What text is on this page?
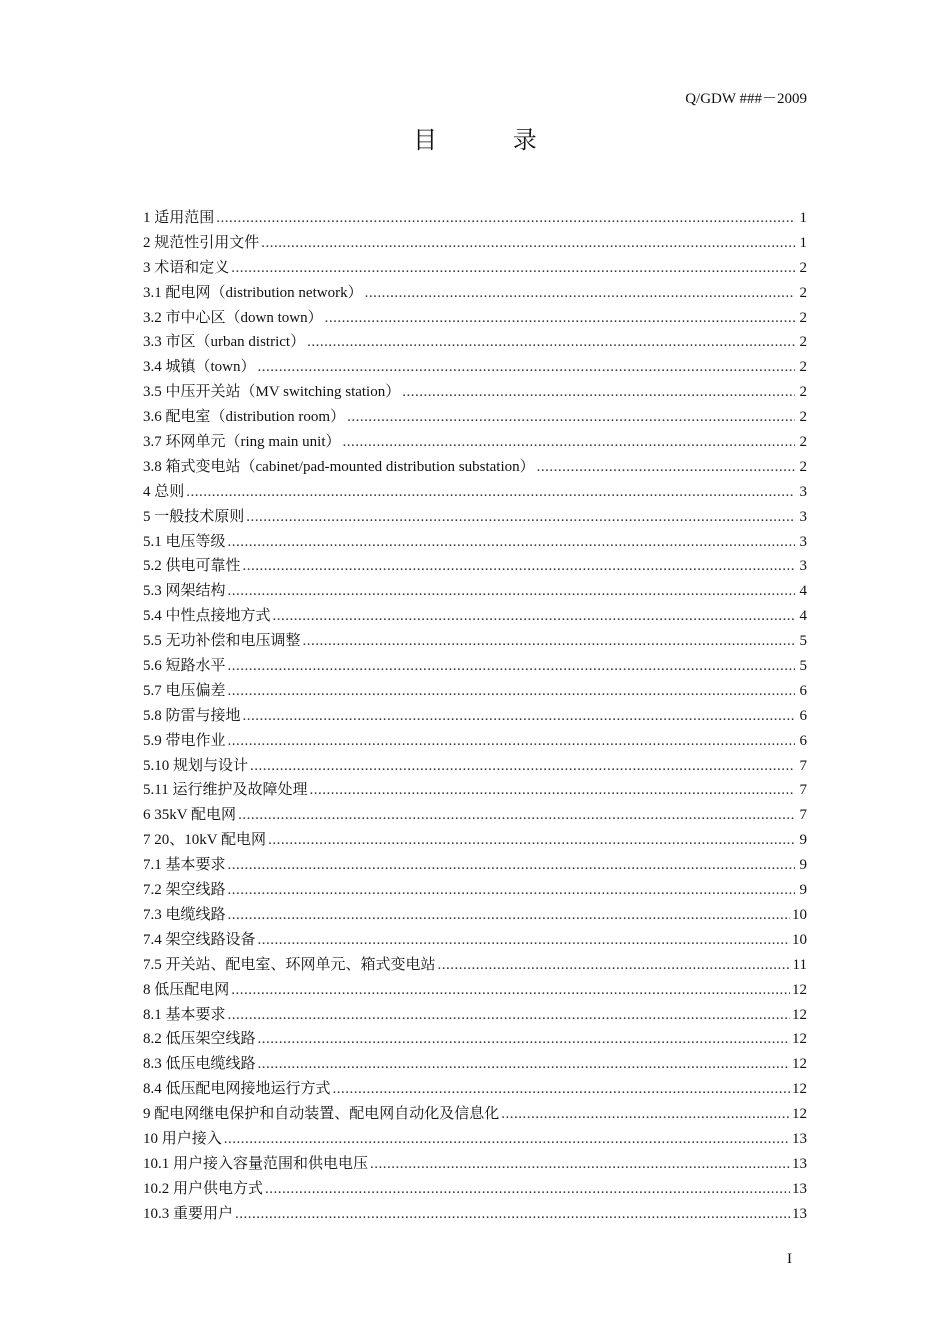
Q/GDW ###－2009
目 录
1 适用范围 .....	1
2 规范性引用文件 .....	1
3 术语和定义 .....	2
3.1 配电网（distribution network） .....	2
3.2 市中心区（down town） .....	2
3.3 市区（urban district） .....	2
3.4 城镇（town） .....	2
3.5 中压开关站（MV switching station） .....	2
3.6 配电室（distribution room） .....	2
3.7 环网单元（ring main unit） .....	2
3.8 箱式变电站（cabinet/pad-mounted distribution substation） .....	2
4 总则 .....	3
5 一般技术原则 .....	3
5.1 电压等级 .....	3
5.2 供电可靠性 .....	3
5.3 网架结构 .....	4
5.4 中性点接地方式 .....	4
5.5 无功补偿和电压调整 .....	5
5.6 短路水平 .....	5
5.7 电压偏差 .....	6
5.8 防雷与接地 .....	6
5.9 带电作业 .....	6
5.10 规划与设计 .....	7
5.11 运行维护及故障处理 .....	7
6 35kV 配电网 .....	7
7 20、10kV 配电网 .....	9
7.1 基本要求 .....	9
7.2 架空线路 .....	9
7.3 电缆线路 .....	10
7.4 架空线路设备 .....	10
7.5 开关站、配电室、环网单元、箱式变电站 .....	11
8 低压配电网 .....	12
8.1 基本要求 .....	12
8.2 低压架空线路 .....	12
8.3 低压电缆线路 .....	12
8.4 低压配电网接地运行方式 .....	12
9 配电网继电保护和自动装置、配电网自动化及信息化 .....	12
10 用户接入 .....	13
10.1 用户接入容量范围和供电电压 .....	13
10.2 用户供电方式 .....	13
10.3 重要用户 .....	13
I
